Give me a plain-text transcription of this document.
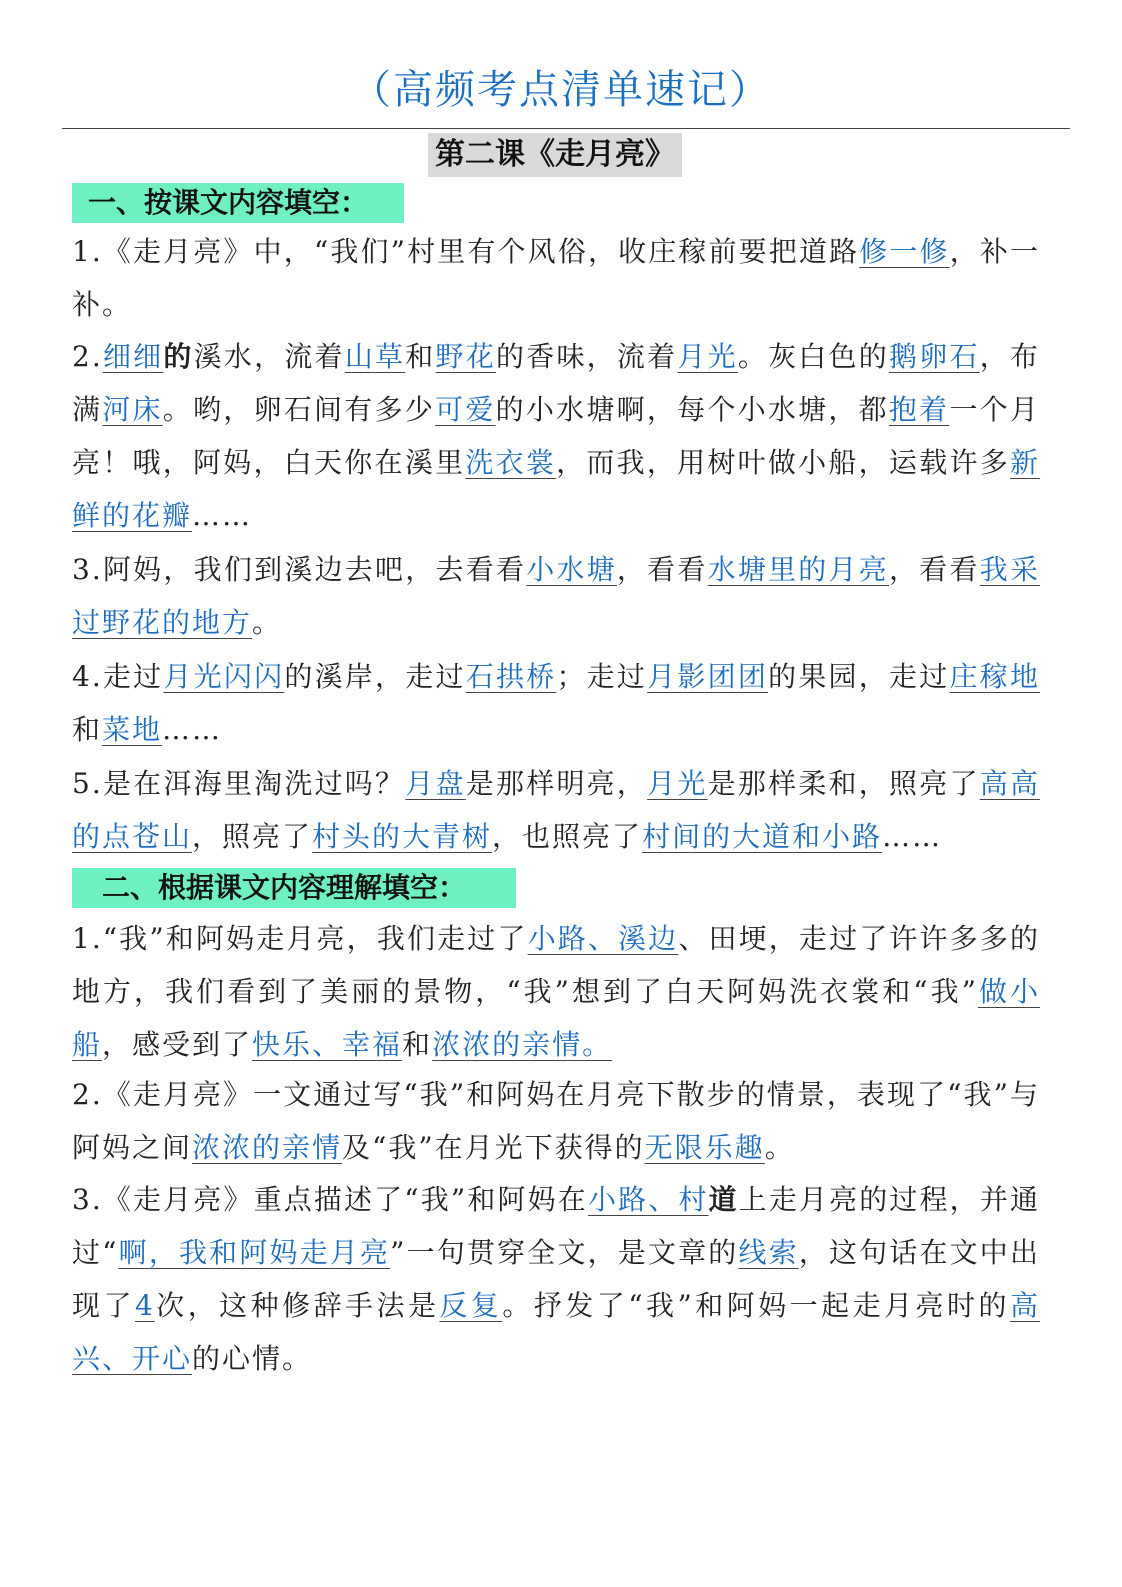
（高频考点清单速记）
第二课《走月亮》
一、按课文内容填空：
1.《走月亮》中，“我们”村里有个风俗，收庄稼前要把道路修一修，补一补。
2.细细的溪水，流着山草和野花的香味，流着月光。灰白色的鹅卵石，布满河床。哟，卵石间有多少可爱的小水塘啊，每个小水塘，都抱着一个月亮！哦，阿妈，白天你在溪里洗衣裳，而我，用树叶做小船，运载许多新鲜的花瓣……
3.阿妈，我们到溪边去吧，去看看小水塘，看看水塘里的月亮，看看我采过野花的地方。
4.走过月光闪闪的溪岸，走过石拱桥；走过月影团团的果园，走过庄稼地和菜地……
5.是在洱海里淘洗过吗？月盘是那样明亮，月光是那样柔和，照亮了高高的点苍山，照亮了村头的大青树，也照亮了村间的大道和小路……
二、根据课文内容理解填空：
1.“我”和阿妈走月亮，我们走过了小路、溪边、田埂，走过了许许多多的地方，我们看到了美丽的景物，“我”想到了白天阿妈洗衣裳和“我”做小船，感受到了快乐、幸福和浓浓的亲情。
2.《走月亮》一文通过写“我”和阿妈在月亮下散步的情景，表现了“我”与阿妈之间浓浓的亲情及“我”在月光下获得的无限乐趣。
3.《走月亮》重点描述了“我”和阿妈在小路、村道上走月亮的过程，并通过“啊，我和阿妈走月亮”一句贯穿全文，是文章的线索，这句话在文中出现了4次，这种修辞手法是反复。抒发了“我”和阿妈一起走月亮时的高兴、开心的心情。
